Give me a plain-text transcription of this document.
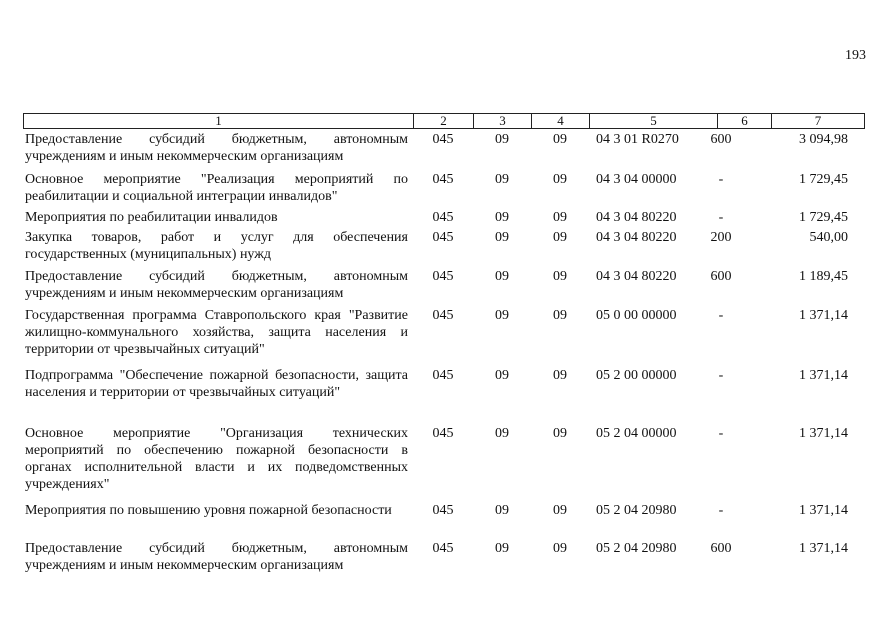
193
1	2	3	4	5	6	7
Предоставление субсидий бюджетным, автономным учреждениям и иным некоммерческим организациям
045	09	09	04 3 01 R0270	600	3 094,98
Основное мероприятие "Реализация мероприятий по реабилитации и социальной интеграции инвалидов"
045	09	09	04 3 04 00000	-	1 729,45
Мероприятия по реабилитации инвалидов	045	09	09	04 3 04 80220	-	1 729,45
Закупка товаров, работ и услуг для обеспечения государственных (муниципальных) нужд
045	09	09	04 3 04 80220	200	540,00
Предоставление субсидий бюджетным, автономным учреждениям и иным некоммерческим организациям
045	09	09	04 3 04 80220	600	1 189,45
Государственная программа Ставропольского края "Развитие жилищно-коммунального хозяйства, защита населения и территории от чрезвычайных ситуаций"
045	09	09	05 0 00 00000	-	1 371,14
Подпрограмма "Обеспечение пожарной безопасности, защита населения и территории от чрезвычайных ситуаций"
045	09	09	05 2 00 00000	-	1 371,14
Основное мероприятие "Организация технических мероприятий по обеспечению пожарной безопасности в органах исполнительной власти и их подведомственных учреждениях"
045	09	09	05 2 04 00000	-	1 371,14
Мероприятия по повышению уровня пожарной безопасности	045	09	09	05 2 04 20980	-	1 371,14
Предоставление субсидий бюджетным, автономным учреждениям и иным некоммерческим организациям
045	09	09	05 2 04 20980	600	1 371,14
